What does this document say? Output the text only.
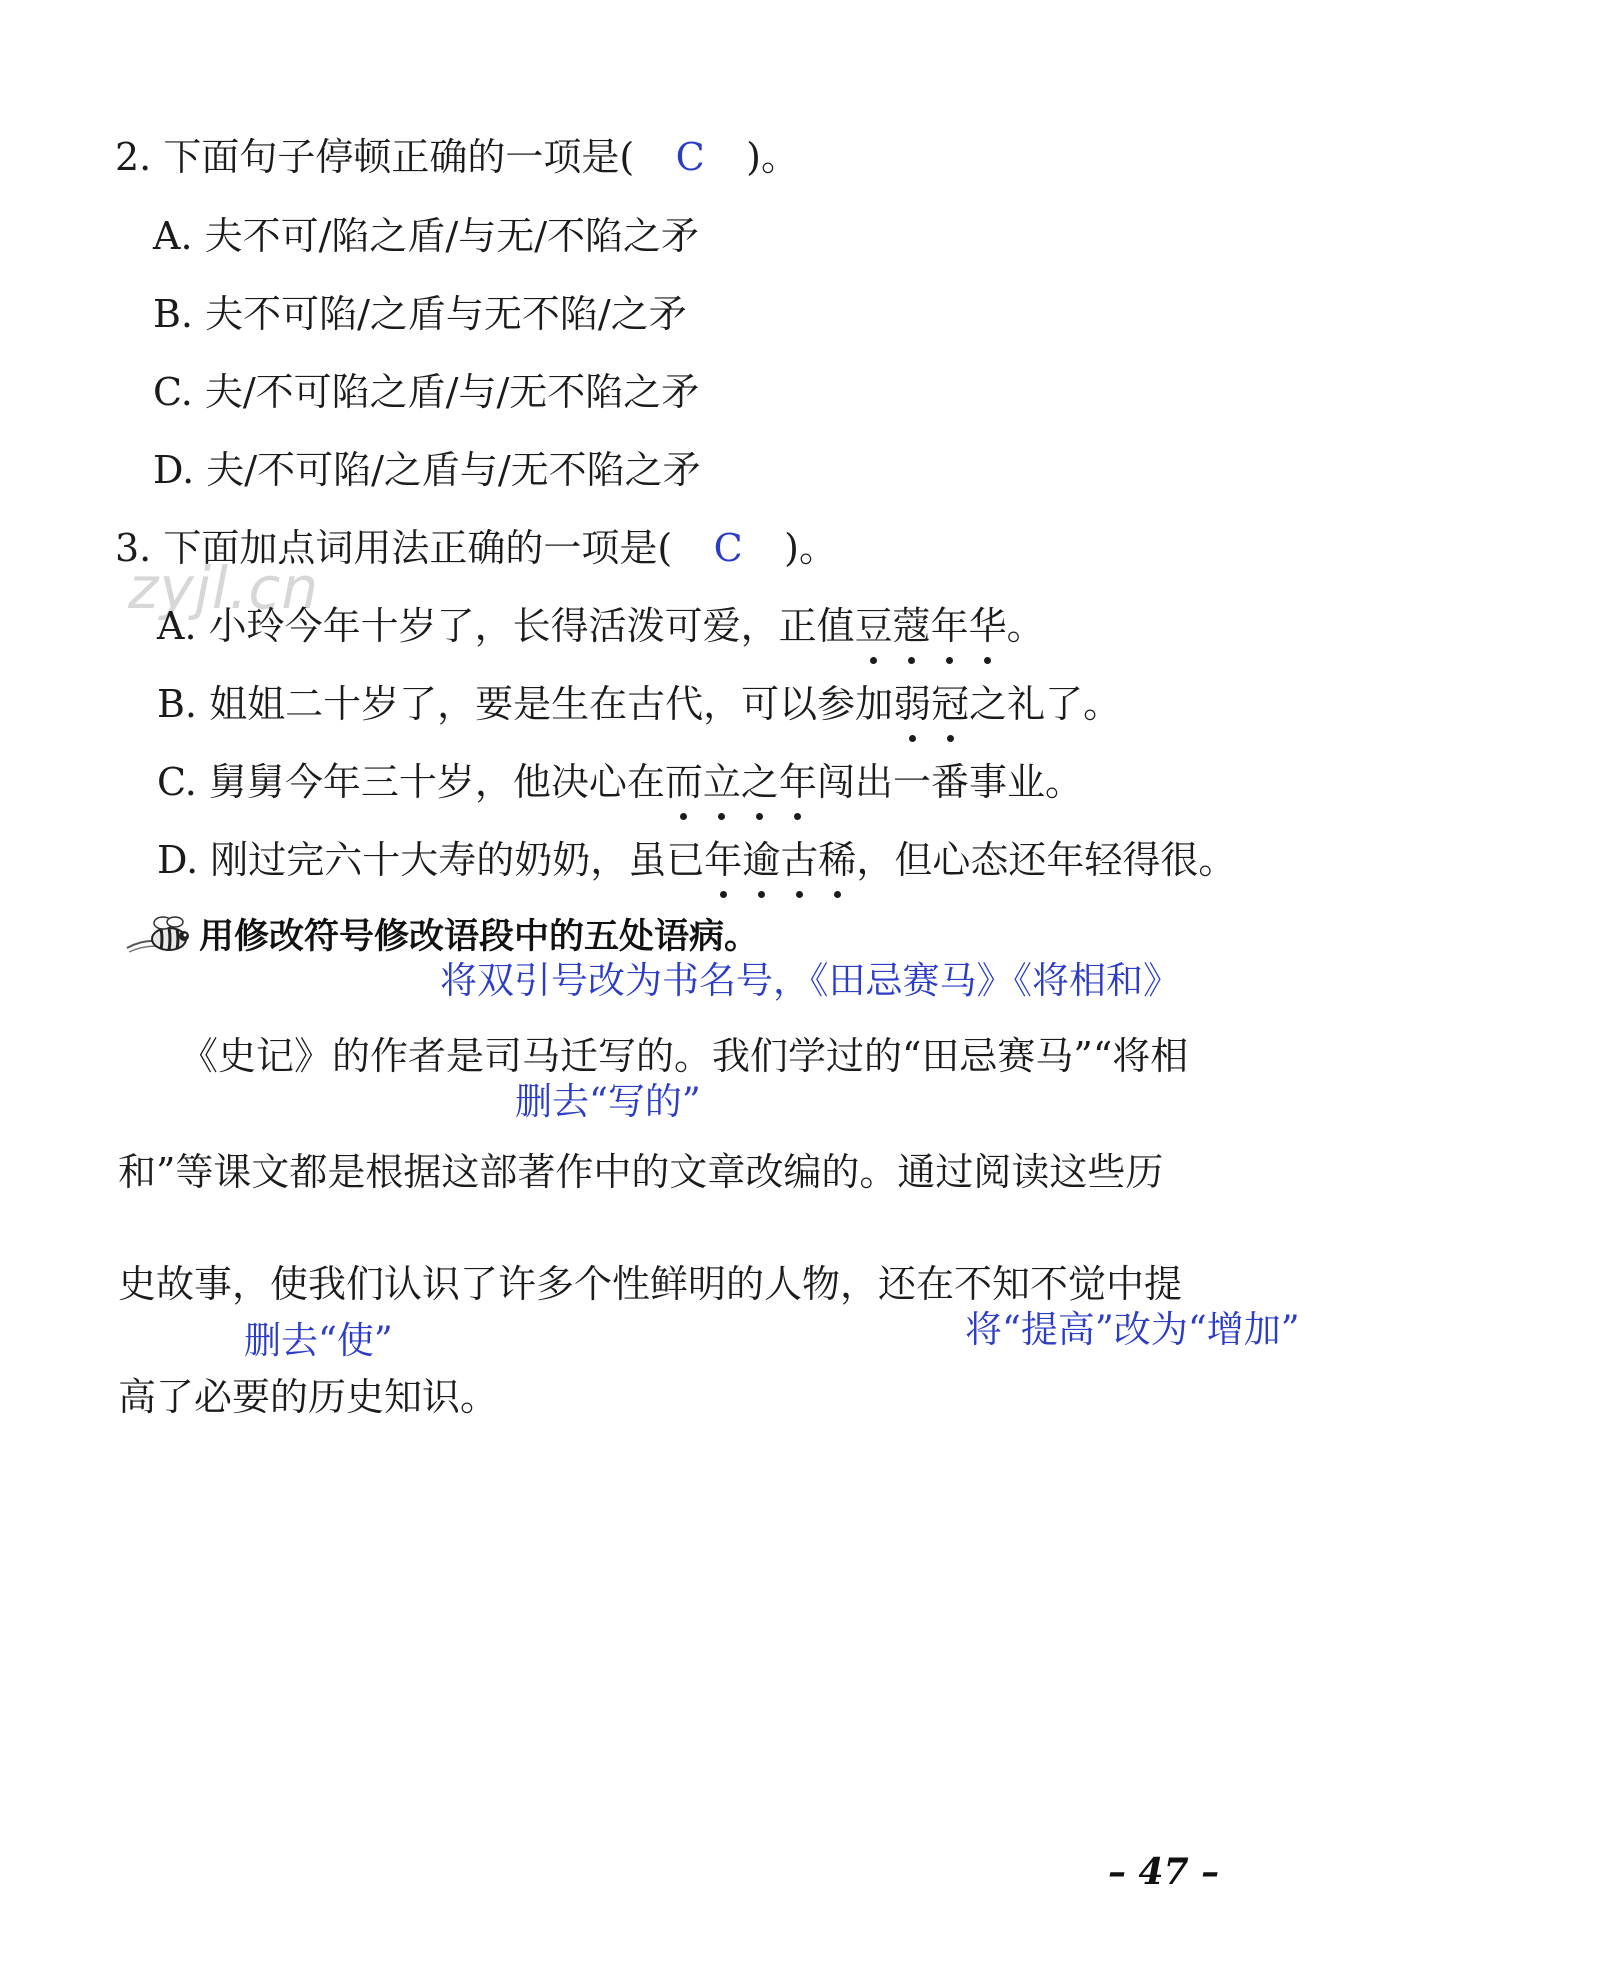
2. 下面句子停顿正确的一项是( C )。
A. 夫不可/陷之盾/与无/不陷之矛
B. 夫不可陷/之盾与无不陷/之矛
C. 夫/不可陷之盾/与/无不陷之矛
D. 夫/不可陷/之盾与/无不陷之矛
3. 下面加点词用法正确的一项是( C )。
zyjl.cn
A. 小玲今年十岁了，长得活泼可爱，正值豆蔻年华。
B. 姐姐二十岁了，要是生在古代，可以参加弱冠之礼了。
C. 舅舅今年三十岁，他决心在而立之年闯出一番事业。
D. 刚过完六十大寿的奶奶，虽已年逾古稀，但心态还年轻得很。
用修改符号修改语段中的五处语病。
将双引号改为书名号，《田忌赛马》《将相和》
《史记》的作者是司马迁写的。我们学过的“田忌赛马”“将相
删去“写的”
和”等课文都是根据这部著作中的文章改编的。通过阅读这些历
史故事，使我们认识了许多个性鲜明的人物，还在不知不觉中提
将“提高”改为“增加”
删去“使”
高了必要的历史知识。
– 47 –
